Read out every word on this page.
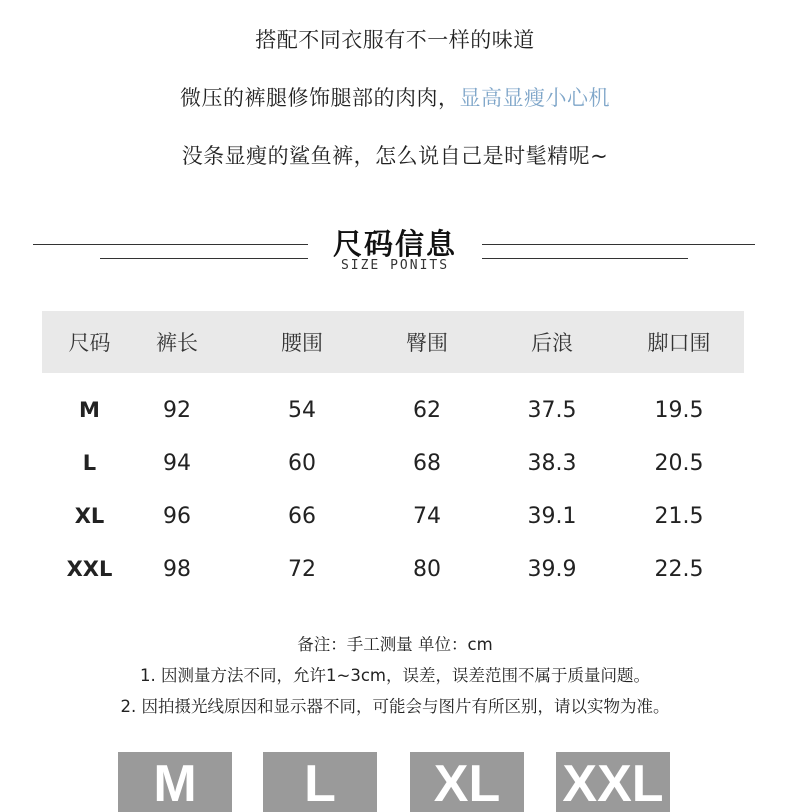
搭配不同衣服有不一样的味道
微压的裤腿修饰腿部的肉肉，显高显瘦小心机
没条显瘦的鲨鱼裤，怎么说自己是时髦精呢~
尺码信息
SIZE PONITS
尺码	裤长	腰围	臀围	后浪	脚口围
M	92	54	62	37.5	19.5
L	94	60	68	38.3	20.5
XL	96	66	74	39.1	21.5
XXL	98	72	80	39.9	22.5
备注：手工测量 单位：cm
1. 因测量方法不同，允许1~3cm，误差，误差范围不属于质量问题。
2. 因拍摄光线原因和显示器不同，可能会与图片有所区别，请以实物为准。
M	L	XL	XXL
